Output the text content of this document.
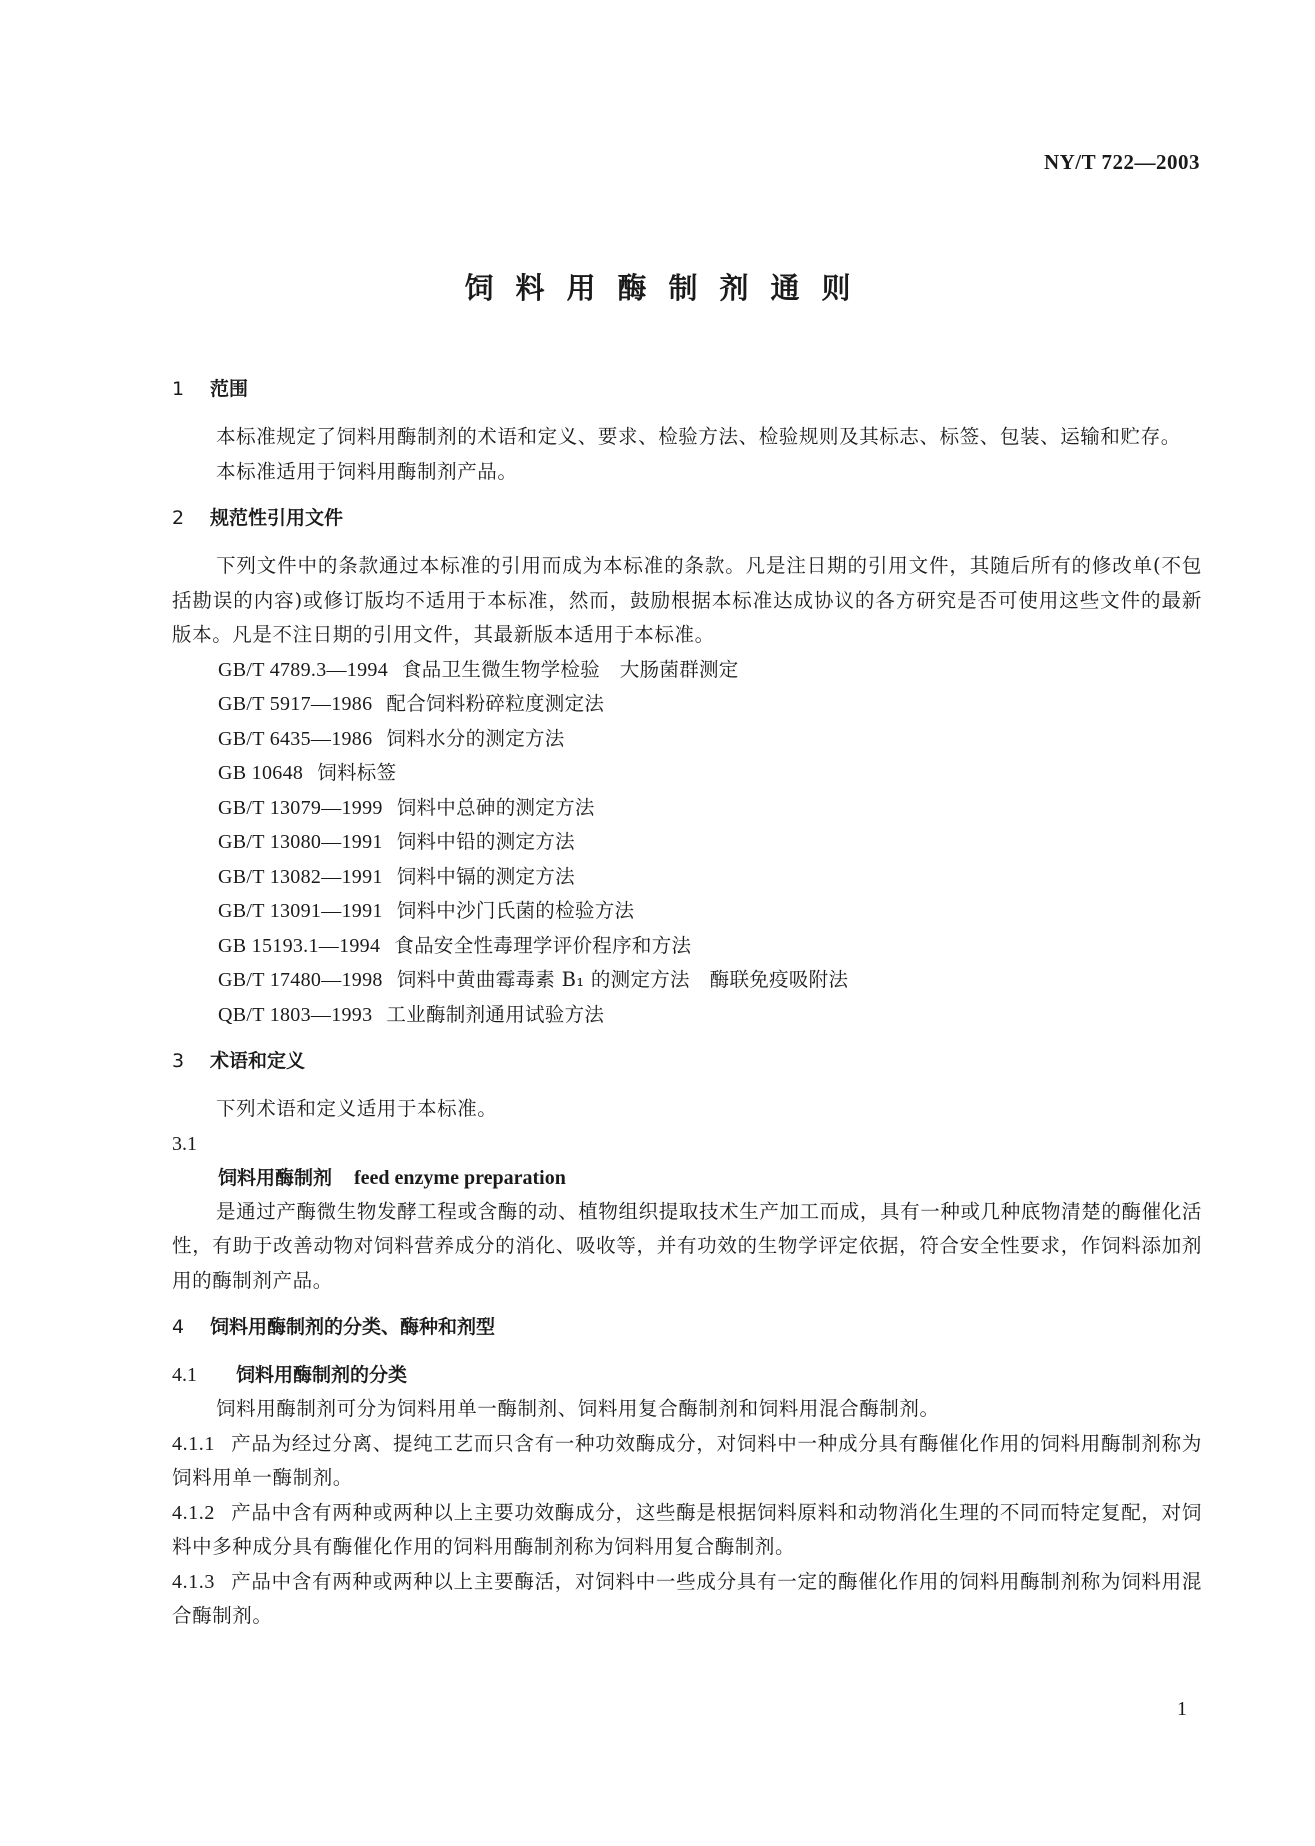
NY/T 722—2003
饲料用酶制剂通则
1 范围
本标准规定了饲料用酶制剂的术语和定义、要求、检验方法、检验规则及其标志、标签、包装、运输和贮存。
本标准适用于饲料用酶制剂产品。
2 规范性引用文件
下列文件中的条款通过本标准的引用而成为本标准的条款。凡是注日期的引用文件，其随后所有的修改单(不包括勘误的内容)或修订版均不适用于本标准，然而，鼓励根据本标准达成协议的各方研究是否可使用这些文件的最新版本。凡是不注日期的引用文件，其最新版本适用于本标准。
GB/T 4789.3—1994 食品卫生微生物学检验　大肠菌群测定
GB/T 5917—1986 配合饲料粉碎粒度测定法
GB/T 6435—1986 饲料水分的测定方法
GB 10648 饲料标签
GB/T 13079—1999 饲料中总砷的测定方法
GB/T 13080—1991 饲料中铅的测定方法
GB/T 13082—1991 饲料中镉的测定方法
GB/T 13091—1991 饲料中沙门氏菌的检验方法
GB 15193.1—1994 食品安全性毒理学评价程序和方法
GB/T 17480—1998 饲料中黄曲霉毒素 B₁ 的测定方法　酶联免疫吸附法
QB/T 1803—1993 工业酶制剂通用试验方法
3 术语和定义
下列术语和定义适用于本标准。
3.1
饲料用酶制剂 feed enzyme preparation
是通过产酶微生物发酵工程或含酶的动、植物组织提取技术生产加工而成，具有一种或几种底物清楚的酶催化活性，有助于改善动物对饲料营养成分的消化、吸收等，并有功效的生物学评定依据，符合安全性要求，作饲料添加剂用的酶制剂产品。
4 饲料用酶制剂的分类、酶种和剂型
4.1 饲料用酶制剂的分类
饲料用酶制剂可分为饲料用单一酶制剂、饲料用复合酶制剂和饲料用混合酶制剂。
4.1.1 产品为经过分离、提纯工艺而只含有一种功效酶成分，对饲料中一种成分具有酶催化作用的饲料用酶制剂称为饲料用单一酶制剂。
4.1.2 产品中含有两种或两种以上主要功效酶成分，这些酶是根据饲料原料和动物消化生理的不同而特定复配，对饲料中多种成分具有酶催化作用的饲料用酶制剂称为饲料用复合酶制剂。
4.1.3 产品中含有两种或两种以上主要酶活，对饲料中一些成分具有一定的酶催化作用的饲料用酶制剂称为饲料用混合酶制剂。
1
